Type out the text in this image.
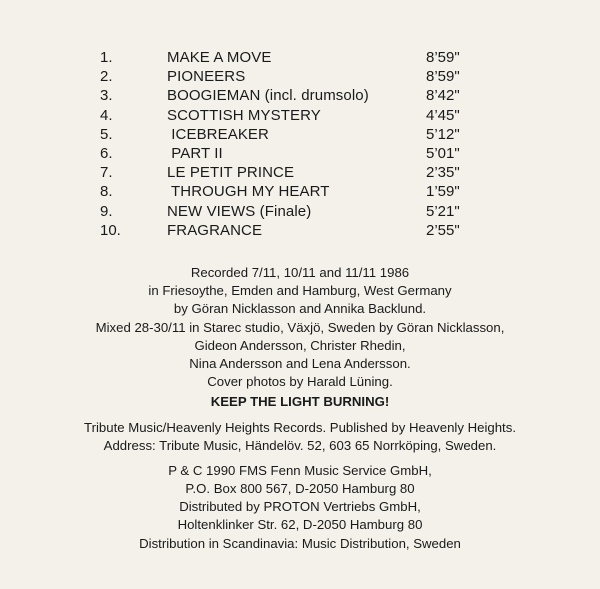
1.	MAKE A MOVE	8’59"
2.	PIONEERS	8’59"
3.	BOOGIEMAN (incl. drumsolo)	8’42"
4.	SCOTTISH MYSTERY	4’45"
5.	ICEBREAKER	5’12"
6.	PART II	5’01"
7.	LE PETIT PRINCE	2’35"
8.	THROUGH MY HEART	1’59"
9.	NEW VIEWS (Finale)	5’21"
10.	FRAGRANCE	2’55"
Recorded 7/11, 10/11 and 11/11 1986
in Friesoythe, Emden and Hamburg, West Germany
by Göran Nicklasson and Annika Backlund.
Mixed 28-30/11 in Starec studio, Växjö, Sweden by Göran Nicklasson,
Gideon Andersson, Christer Rhedin,
Nina Andersson and Lena Andersson.
Cover photos by Harald Lüning.
KEEP THE LIGHT BURNING!
Tribute Music/Heavenly Heights Records. Published by Heavenly Heights.
Address: Tribute Music, Händelöv. 52, 603 65 Norrköping, Sweden.
P & C 1990 FMS Fenn Music Service GmbH,
P.O. Box 800 567, D-2050 Hamburg 80
Distributed by PROTON Vertriebs GmbH,
Holtenklinker Str. 62, D-2050 Hamburg 80
Distribution in Scandinavia: Music Distribution, Sweden
